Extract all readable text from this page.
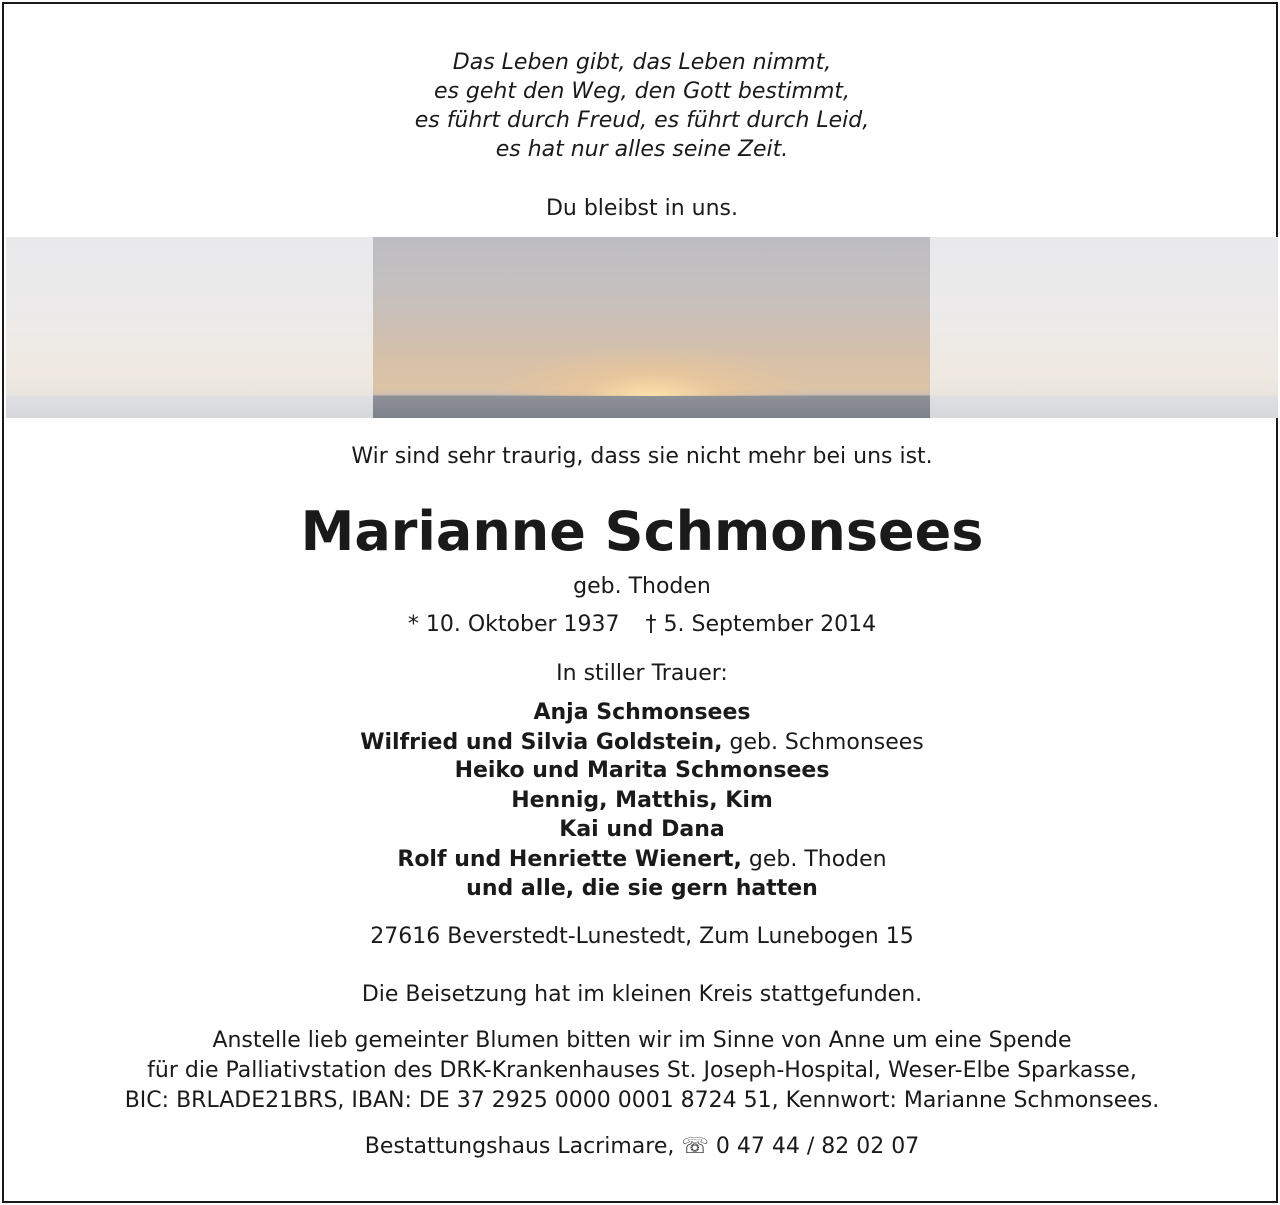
Das Leben gibt, das Leben nimmt,
es geht den Weg, den Gott bestimmt,
es führt durch Freud, es führt durch Leid,
es hat nur alles seine Zeit.
Du bleibst in uns.
Wir sind sehr traurig, dass sie nicht mehr bei uns ist.
Marianne Schmonsees
geb. Thoden
* 10. Oktober 1937 † 5. September 2014
In stiller Trauer:
Anja Schmonsees
Wilfried und Silvia Goldstein, geb. Schmonsees
Heiko und Marita Schmonsees
Hennig, Matthis, Kim
Kai und Dana
Rolf und Henriette Wienert, geb. Thoden
und alle, die sie gern hatten
27616 Beverstedt-Lunestedt, Zum Lunebogen 15
Die Beisetzung hat im kleinen Kreis stattgefunden.
Anstelle lieb gemeinter Blumen bitten wir im Sinne von Anne um eine Spende
für die Palliativstation des DRK-Krankenhauses St. Joseph-Hospital, Weser-Elbe Sparkasse,
BIC: BRLADE21BRS, IBAN: DE 37 2925 0000 0001 8724 51, Kennwort: Marianne Schmonsees.
Bestattungshaus Lacrimare, ☏ 0 47 44 / 82 02 07
